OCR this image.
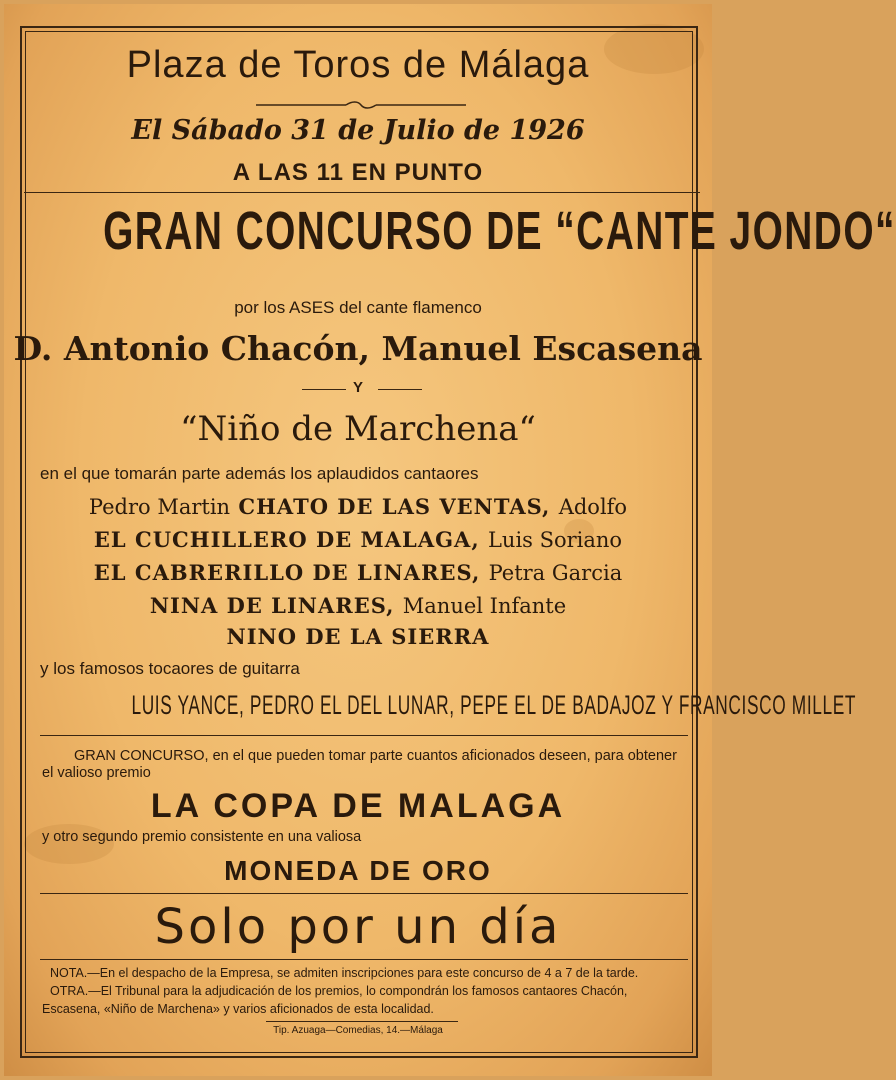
Plaza de Toros de Málaga
El Sábado 31 de Julio de 1926
A LAS 11 EN PUNTO
GRAN CONCURSO DE “CANTE JONDO“
por los ASES del cante flamenco
D. Antonio Chacón, Manuel Escasena
Y
“Niño de Marchena“
en el que tomarán parte además los aplaudidos cantaores
Pedro Martin CHATO DE LAS VENTAS, Adolfo
EL CUCHILLERO DE MALAGA, Luis Soriano
EL CABRERILLO DE LINARES, Petra Garcia
NINA DE LINARES, Manuel Infante
NINO DE LA SIERRA
y los famosos tocaores de guitarra
LUIS YANCE, PEDRO EL DEL LUNAR, PEPE EL DE BADAJOZ Y FRANCISCO MILLET
GRAN CONCURSO, en el que pueden tomar parte cuantos aficionados deseen, para obtener el valioso premio
LA COPA DE MALAGA
y otro segundo premio consistente en una valiosa
MONEDA DE ORO
Solo por un día

NOTA.—En el despacho de la Empresa, se admiten inscripciones para este concurso de 4 a 7 de la tarde.

OTRA.—El Tribunal para la adjudicación de los premios, lo compondrán los famosos cantaores Chacón, Escasena, «Niño de Marchena» y varios aficionados de esta localidad.

Tip. Azuaga—Comedias, 14.—Málaga
